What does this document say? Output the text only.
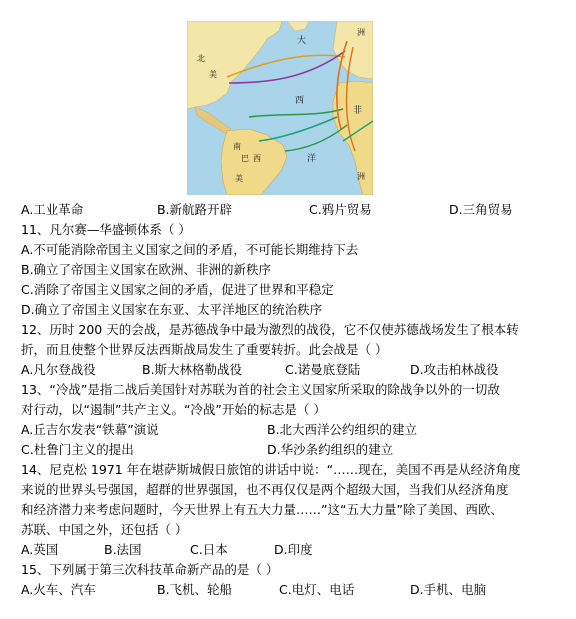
大
西
洋
洲
非
洲
巴 西
北
美
南
美
A.工业革命	B.新航路开辟	C.鸦片贸易	D.三角贸易
11、凡尔赛—华盛顿体系（ ）
A.不可能消除帝国主义国家之间的矛盾，不可能长期维持下去
B.确立了帝国主义国家在欧洲、非洲的新秩序
C.消除了帝国主义国家之间的矛盾，促进了世界和平稳定
D.确立了帝国主义国家在东亚、太平洋地区的统治秩序
12、历时 200 天的会战，是苏德战争中最为激烈的战役，它不仅使苏德战场发生了根本转
折，而且使整个世界反法西斯战局发生了重要转折。此会战是（ ）
A.凡尔登战役	B.斯大林格勒战役	C.诺曼底登陆	D.攻击柏林战役
13、“冷战”是指二战后美国针对苏联为首的社会主义国家所采取的除战争以外的一切敌
对行动，以“遏制”共产主义。“冷战”开始的标志是（ ）
A.丘吉尔发表“铁幕”演说	B.北大西洋公约组织的建立
C.杜鲁门主义的提出	D.华沙条约组织的建立
14、尼克松 1971 年在堪萨斯城假日旅馆的讲话中说：“……现在，美国不再是从经济角度
来说的世界头号强国，超群的世界强国，也不再仅仅是两个超级大国，当我们从经济角度
和经济潜力来考虑问题时，今天世界上有五大力量……”这“五大力量”除了美国、西欧、
苏联、中国之外，还包括（ ）
A.英国	B.法国	C.日本	D.印度
15、下列属于第三次科技革命新产品的是（ ）
A.火车、汽车	B.飞机、轮船	C.电灯、电话	D.手机、电脑
